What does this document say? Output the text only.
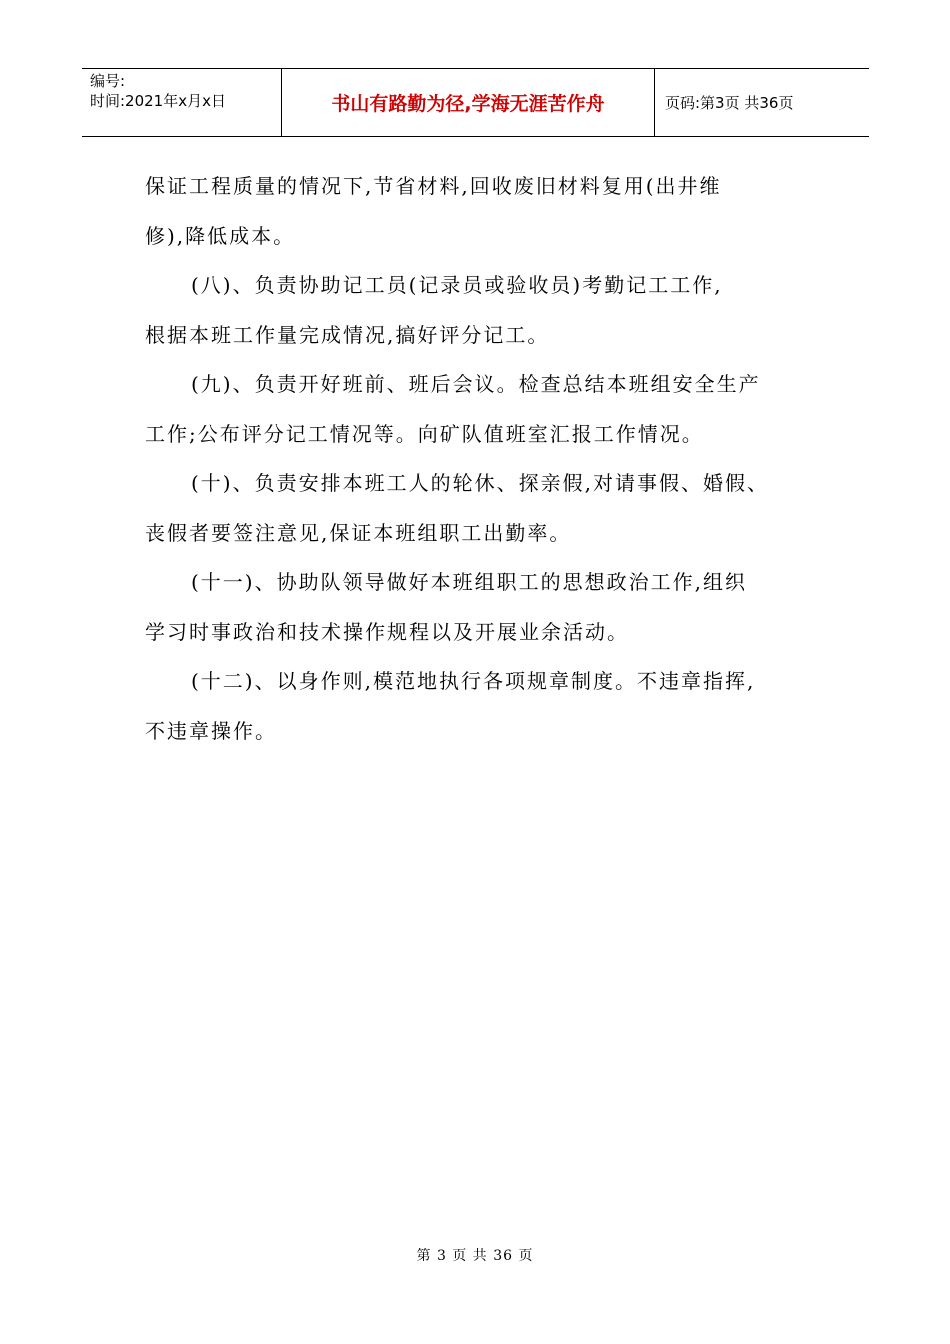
编号:
时间:2021年x月x日	书山有路勤为径,学海无涯苦作舟	页码:第3页 共36页
保证工程质量的情况下,节省材料,回收废旧材料复用(出井维
修),降低成本。
(八)、负责协助记工员(记录员或验收员)考勤记工工作,
根据本班工作量完成情况,搞好评分记工。
(九)、负责开好班前、班后会议。检查总结本班组安全生产
工作;公布评分记工情况等。向矿队值班室汇报工作情况。
(十)、负责安排本班工人的轮休、探亲假,对请事假、婚假、
丧假者要签注意见,保证本班组职工出勤率。
(十一)、协助队领导做好本班组职工的思想政治工作,组织
学习时事政治和技术操作规程以及开展业余活动。
(十二)、以身作则,模范地执行各项规章制度。不违章指挥,
不违章操作。
第 3 页 共 36 页
